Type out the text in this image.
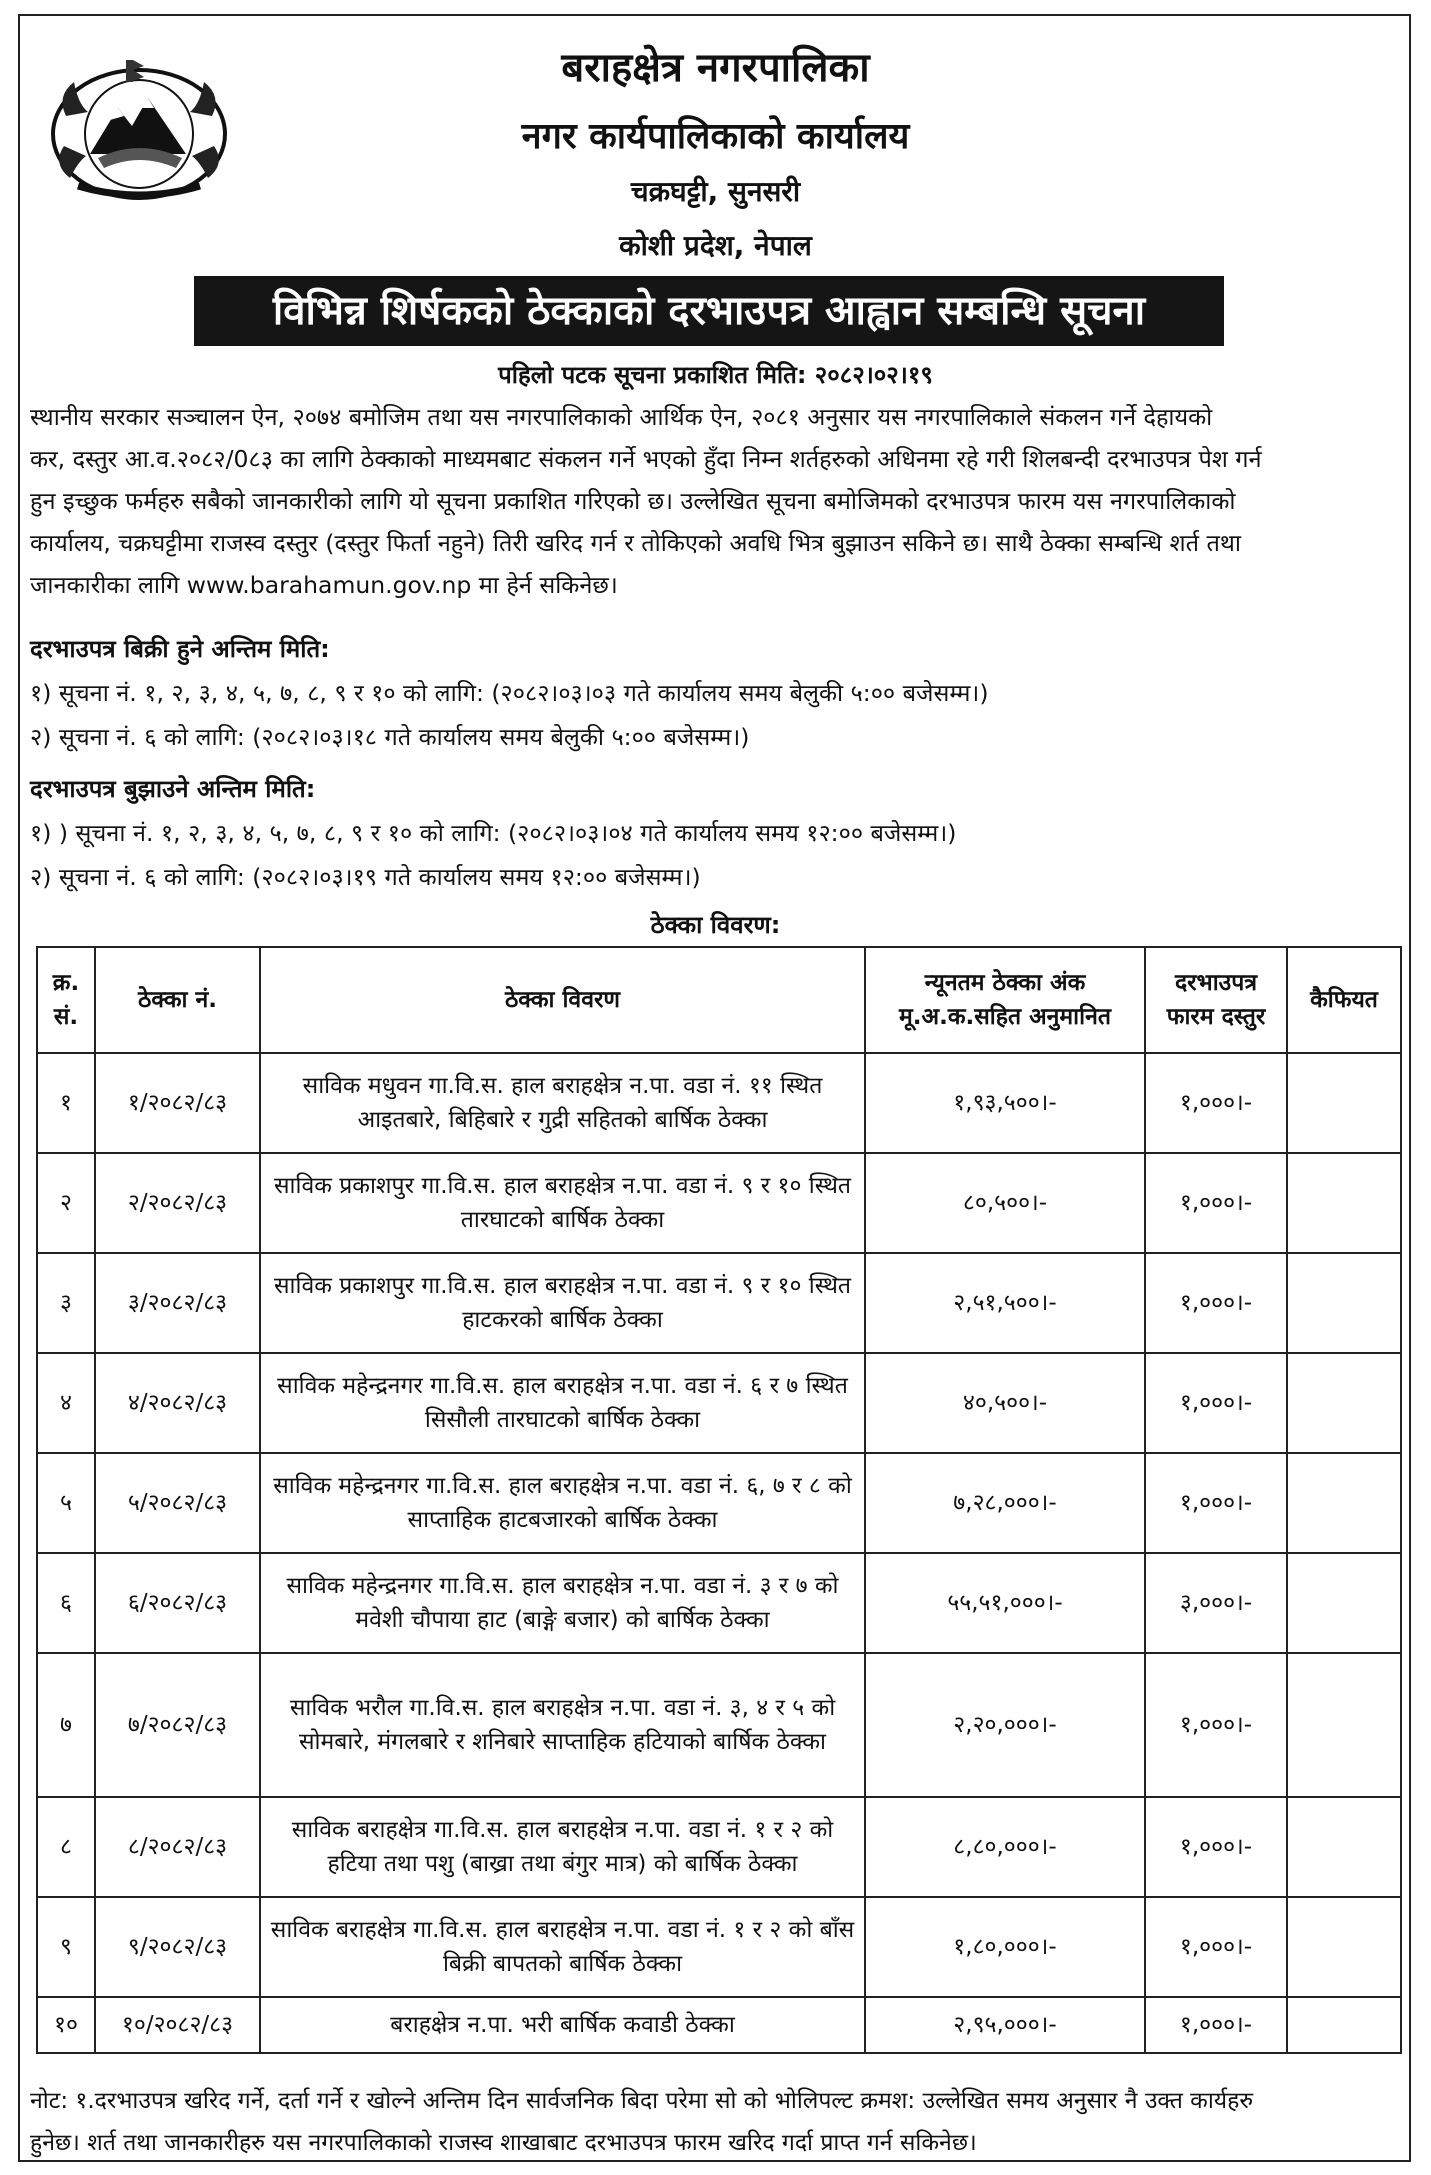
बराहक्षेत्र नगरपालिका
नगर कार्यपालिकाको कार्यालय
चक्रघट्टी, सुनसरी
कोशी प्रदेश, नेपाल
विभिन्न शिर्षकको ठेक्काको दरभाउपत्र आह्वान सम्बन्धि सूचना
पहिलो पटक सूचना प्रकाशित मिति: २०८२।०२।१९
स्थानीय सरकार सञ्चालन ऐन, २०७४ बमोजिम तथा यस नगरपालिकाको आर्थिक ऐन, २०८१ अनुसार यस नगरपालिकाले संकलन गर्ने देहायको
कर, दस्तुर आ.व.२०८२/0८३ का लागि ठेक्काको माध्यमबाट संकलन गर्ने भएको हुँदा निम्न शर्तहरुको अधिनमा रहे गरी शिलबन्दी दरभाउपत्र पेश गर्न
हुन इच्छुक फर्महरु सबैको जानकारीको लागि यो सूचना प्रकाशित गरिएको छ। उल्लेखित सूचना बमोजिमको दरभाउपत्र फारम यस नगरपालिकाको
कार्यालय, चक्रघट्टीमा राजस्व दस्तुर (दस्तुर फिर्ता नहुने) तिरी खरिद गर्न र तोकिएको अवधि भित्र बुझाउन सकिने छ। साथै ठेक्का सम्बन्धि शर्त तथा
जानकारीका लागि www.barahamun.gov.np मा हेर्न सकिनेछ।
दरभाउपत्र बिक्री हुने अन्तिम मिति:
१) सूचना नं. १, २, ३, ४, ५, ७, ८, ९ र १० को लागि: (२०८२।०३।०३ गते कार्यालय समय बेलुकी ५:०० बजेसम्म।)
२) सूचना नं. ६ को लागि: (२०८२।०३।१८ गते कार्यालय समय बेलुकी ५:०० बजेसम्म।)
दरभाउपत्र बुझाउने अन्तिम मिति:
१) ) सूचना नं. १, २, ३, ४, ५, ७, ८, ९ र १० को लागि: (२०८२।०३।०४ गते कार्यालय समय १२:०० बजेसम्म।)
२) सूचना नं. ६ को लागि: (२०८२।०३।१९ गते कार्यालय समय १२:०० बजेसम्म।)
ठेक्का विवरण:
क्र. सं.	ठेक्का नं.	ठेक्का विवरण	न्यूनतम ठेक्का अंक मू.अ.क.सहित अनुमानित	दरभाउपत्र फारम दस्तुर	कैफियत
१	१/२०८२/८३	साविक मधुवन गा.वि.स. हाल बराहक्षेत्र न.पा. वडा नं. ११ स्थित आइतबारे, बिहिबारे र गुद्री सहितको बार्षिक ठेक्का	१,९३,५००।-	१,०००।-	
२	२/२०८२/८३	साविक प्रकाशपुर गा.वि.स. हाल बराहक्षेत्र न.पा. वडा नं. ९ र १० स्थित तारघाटको बार्षिक ठेक्का	८०,५००।-	१,०००।-	
३	३/२०८२/८३	साविक प्रकाशपुर गा.वि.स. हाल बराहक्षेत्र न.पा. वडा नं. ९ र १० स्थित हाटकरको बार्षिक ठेक्का	२,५१,५००।-	१,०००।-	
४	४/२०८२/८३	साविक महेन्द्रनगर गा.वि.स. हाल बराहक्षेत्र न.पा. वडा नं. ६ र ७ स्थित सिसौली तारघाटको बार्षिक ठेक्का	४०,५००।-	१,०००।-	
५	५/२०८२/८३	साविक महेन्द्रनगर गा.वि.स. हाल बराहक्षेत्र न.पा. वडा नं. ६, ७ र ८ को साप्ताहिक हाटबजारको बार्षिक ठेक्का	७,२८,०००।-	१,०००।-	
६	६/२०८२/८३	साविक महेन्द्रनगर गा.वि.स. हाल बराहक्षेत्र न.पा. वडा नं. ३ र ७ को मवेशी चौपाया हाट (बाङ्गे बजार) को बार्षिक ठेक्का	५५,५१,०००।-	३,०००।-	
७	७/२०८२/८३	साविक भरौल गा.वि.स. हाल बराहक्षेत्र न.पा. वडा नं. ३, ४ र ५ को सोमबारे, मंगलबारे र शनिबारे साप्ताहिक हटियाको बार्षिक ठेक्का	२,२०,०००।-	१,०००।-	
८	८/२०८२/८३	साविक बराहक्षेत्र गा.वि.स. हाल बराहक्षेत्र न.पा. वडा नं. १ र २ को हटिया तथा पशु (बाख्रा तथा बंगुर मात्र) को बार्षिक ठेक्का	८,८०,०००।-	१,०००।-	
९	९/२०८२/८३	साविक बराहक्षेत्र गा.वि.स. हाल बराहक्षेत्र न.पा. वडा नं. १ र २ को बाँस बिक्री बापतको बार्षिक ठेक्का	१,८०,०००।-	१,०००।-	
१०	१०/२०८२/८३	बराहक्षेत्र न.पा. भरी बार्षिक कवाडी ठेक्का	२,९५,०००।-	१,०००।-	
नोट: १.दरभाउपत्र खरिद गर्ने, दर्ता गर्ने र खोल्ने अन्तिम दिन सार्वजनिक बिदा परेमा सो को भोलिपल्ट क्रमश: उल्लेखित समय अनुसार नै उक्त कार्यहरु
हुनेछ। शर्त तथा जानकारीहरु यस नगरपालिकाको राजस्व शाखाबाट दरभाउपत्र फारम खरिद गर्दा प्राप्त गर्न सकिनेछ।
